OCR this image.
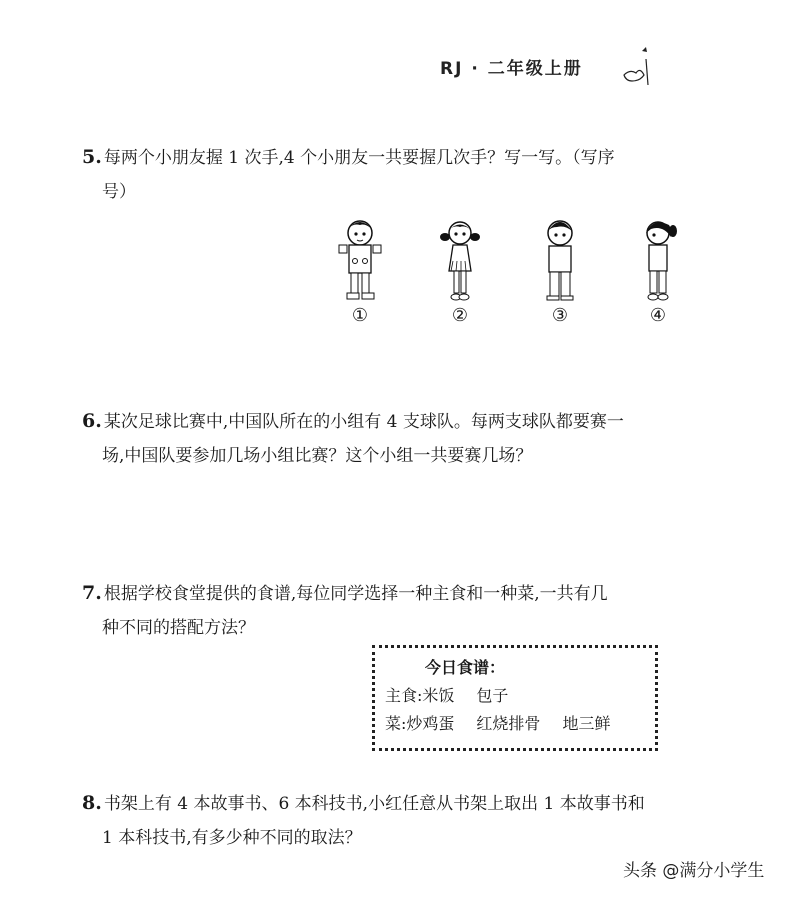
RJ · 二年级上册
5. 每两个小朋友握 1 次手,4 个小朋友一共要握几次手？写一写。（写序
号）
①	②	③	④
6. 某次足球比赛中,中国队所在的小组有 4 支球队。每两支球队都要赛一
场,中国队要参加几场小组比赛？这个小组一共要赛几场？
7. 根据学校食堂提供的食谱,每位同学选择一种主食和一种菜,一共有几
种不同的搭配方法？
今日食谱：
主食:米饭 包子
菜:炒鸡蛋 红烧排骨 地三鲜
8. 书架上有 4 本故事书、6 本科技书,小红任意从书架上取出 1 本故事书和
1 本科技书,有多少种不同的取法？
头条 @满分小学生
